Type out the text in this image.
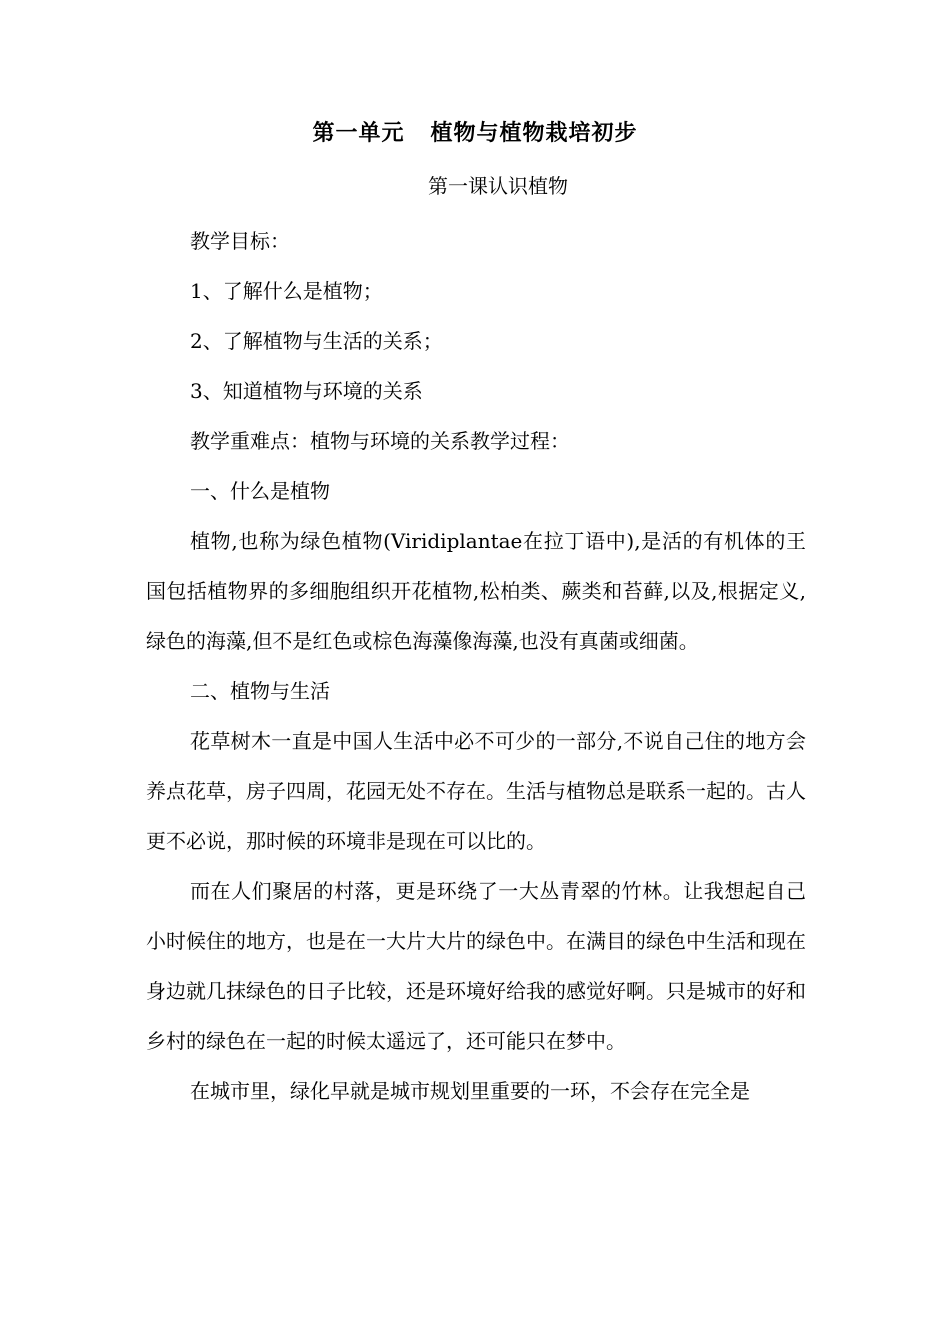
第一单元 植物与植物栽培初步
第一课认识植物

教学目标：

1、了解什么是植物；

2、了解植物与生活的关系；

3、知道植物与环境的关系

教学重难点：植物与环境的关系教学过程：

一、什么是植物

植物,也称为绿色植物(Viridiplantae在拉丁语中),是活的有机体的王国包括植物界的多细胞组织开花植物,松柏类、蕨类和苔藓,以及,根据定义,绿色的海藻,但不是红色或棕色海藻像海藻,也没有真菌或细菌。

二、植物与生活

花草树木一直是中国人生活中必不可少的一部分,不说自己住的地方会养点花草，房子四周，花园无处不存在。生活与植物总是联系一起的。古人更不必说，那时候的环境非是现在可以比的。

而在人们聚居的村落，更是环绕了一大丛青翠的竹林。让我想起自己小时候住的地方，也是在一大片大片的绿色中。在满目的绿色中生活和现在身边就几抹绿色的日子比较，还是环境好给我的感觉好啊。只是城市的好和乡村的绿色在一起的时候太遥远了，还可能只在梦中。

在城市里，绿化早就是城市规划里重要的一环，不会存在完全是
